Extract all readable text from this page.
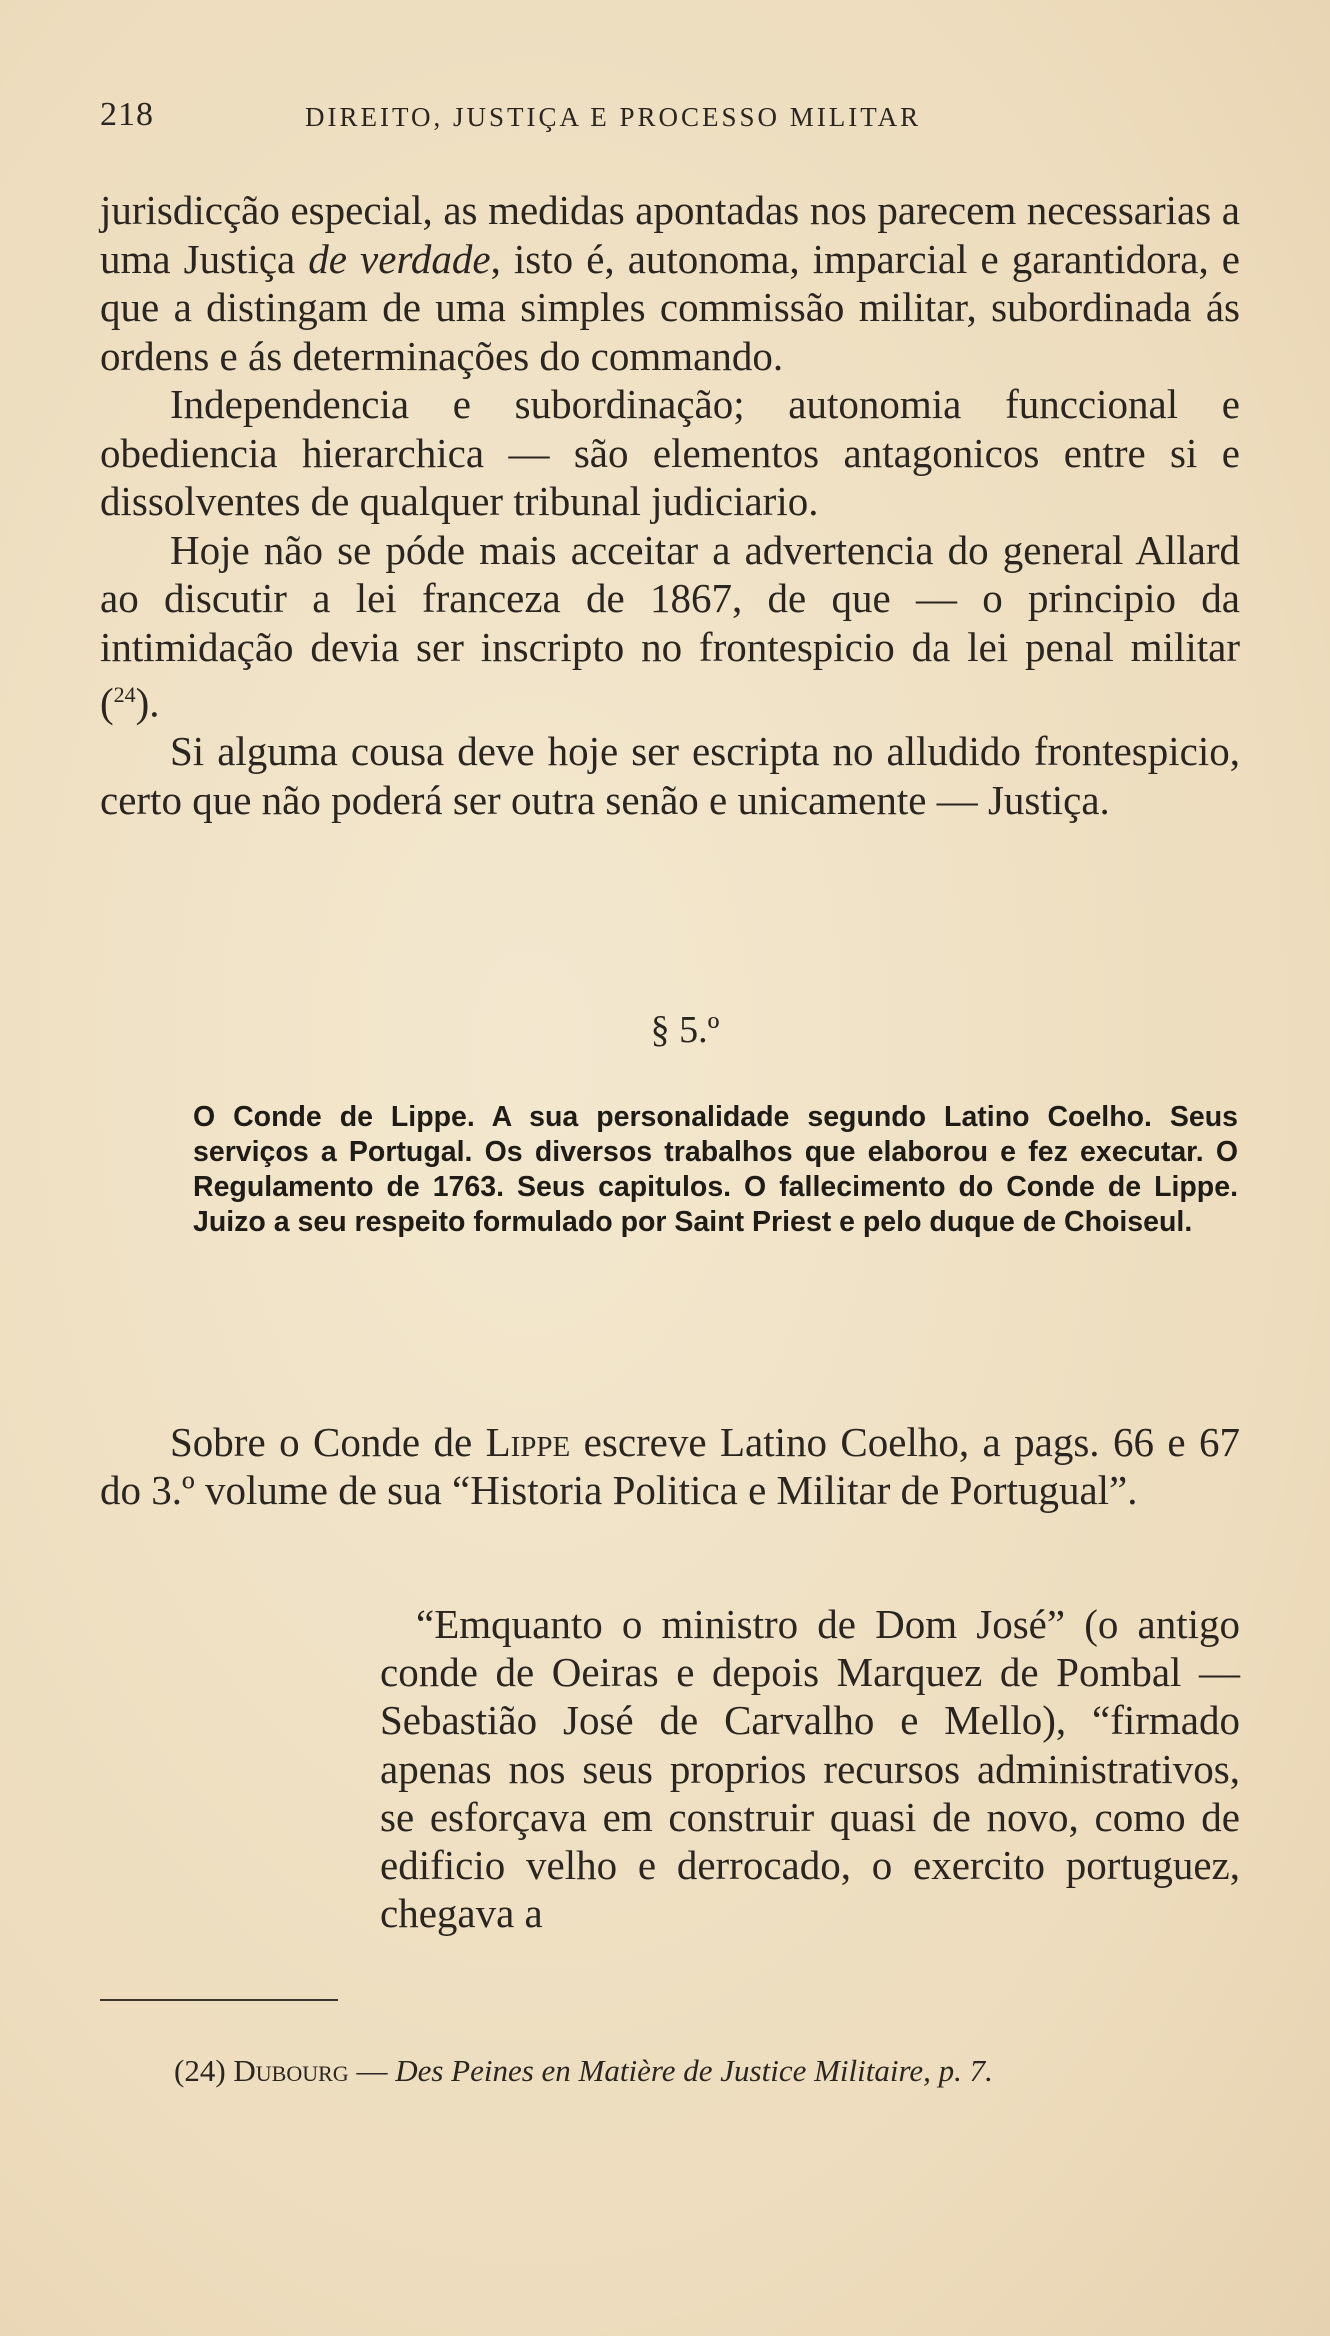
218	DIREITO, JUSTIÇA E PROCESSO MILITAR

jurisdicção especial, as medidas apontadas nos parecem necessarias a uma Justiça de verdade, isto é, autonoma, imparcial e garantidora, e que a distingam de uma simples commissão militar, subordinada ás ordens e ás determinações do commando.

Independencia e subordinação; autonomia funccional e obediencia hierarchica — são elementos antagonicos entre si e dissolventes de qualquer tribunal judiciario.

Hoje não se póde mais acceitar a advertencia do general Allard ao discutir a lei franceza de 1867, de que — o principio da intimidação devia ser inscripto no frontespicio da lei penal militar ($^{24}$).

Si alguma cousa deve hoje ser escripta no alludido frontespicio, certo que não poderá ser outra senão e unicamente — Justiça.

§ 5.º
O Conde de Lippe. A sua personalidade segundo Latino Coelho. Seus serviços a Portugal. Os diversos trabalhos que elaborou e fez executar. O Regulamento de 1763. Seus capitulos. O fallecimento do Conde de Lippe. Juizo a seu respeito formulado por Saint Priest e pelo duque de Choiseul.

Sobre o Conde de Lippe escreve Latino Coelho, a pags. 66 e 67 do 3.º volume de sua “Historia Politica e Militar de Portugual”.

“Emquanto o ministro de Dom José” (o antigo conde de Oeiras e depois Marquez de Pombal — Sebastião José de Carvalho e Mello), “firmado apenas nos seus proprios recursos administrativos, se esforçava em construir quasi de novo, como de edificio velho e derrocado, o exercito portuguez, chegava a

(24) Dubourg — Des Peines en Matière de Justice Militaire, p. 7.
